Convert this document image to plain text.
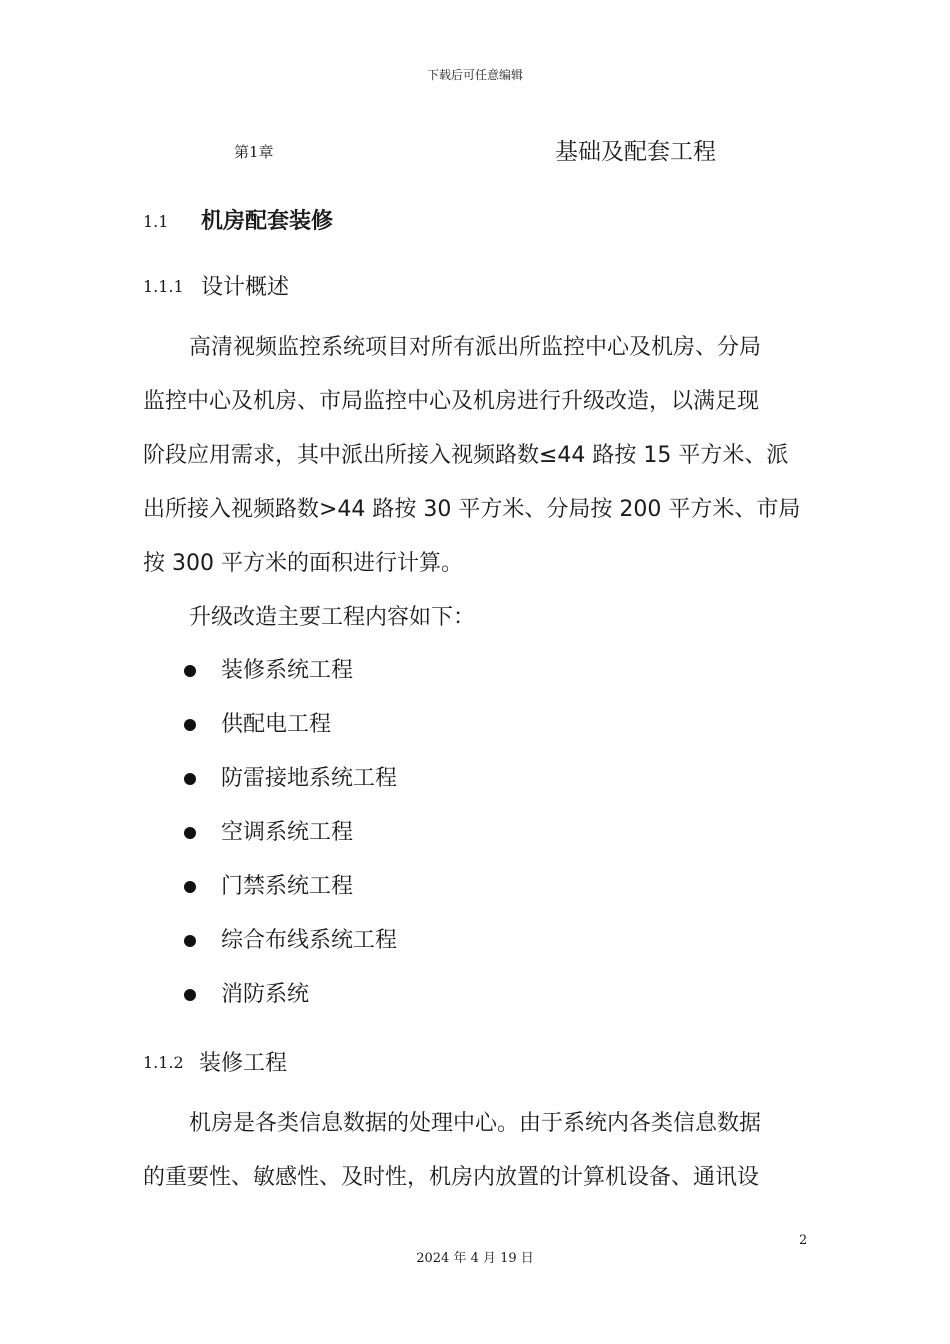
下载后可任意编辑
第1章	基础及配套工程
1.1 机房配套装修
1.1.1 设计概述
高清视频监控系统项目对所有派出所监控中心及机房、分局
监控中心及机房、市局监控中心及机房进行升级改造，以满足现
阶段应用需求，其中派出所接入视频路数≤44 路按 15 平方米、派
出所接入视频路数>44 路按 30 平方米、分局按 200 平方米、市局
按 300 平方米的面积进行计算。
升级改造主要工程内容如下：
装修系统工程
供配电工程
防雷接地系统工程
空调系统工程
门禁系统工程
综合布线系统工程
消防系统
1.1.2 装修工程
机房是各类信息数据的处理中心。由于系统内各类信息数据
的重要性、敏感性、及时性，机房内放置的计算机设备、通讯设
2
2024 年 4 月 19 日
